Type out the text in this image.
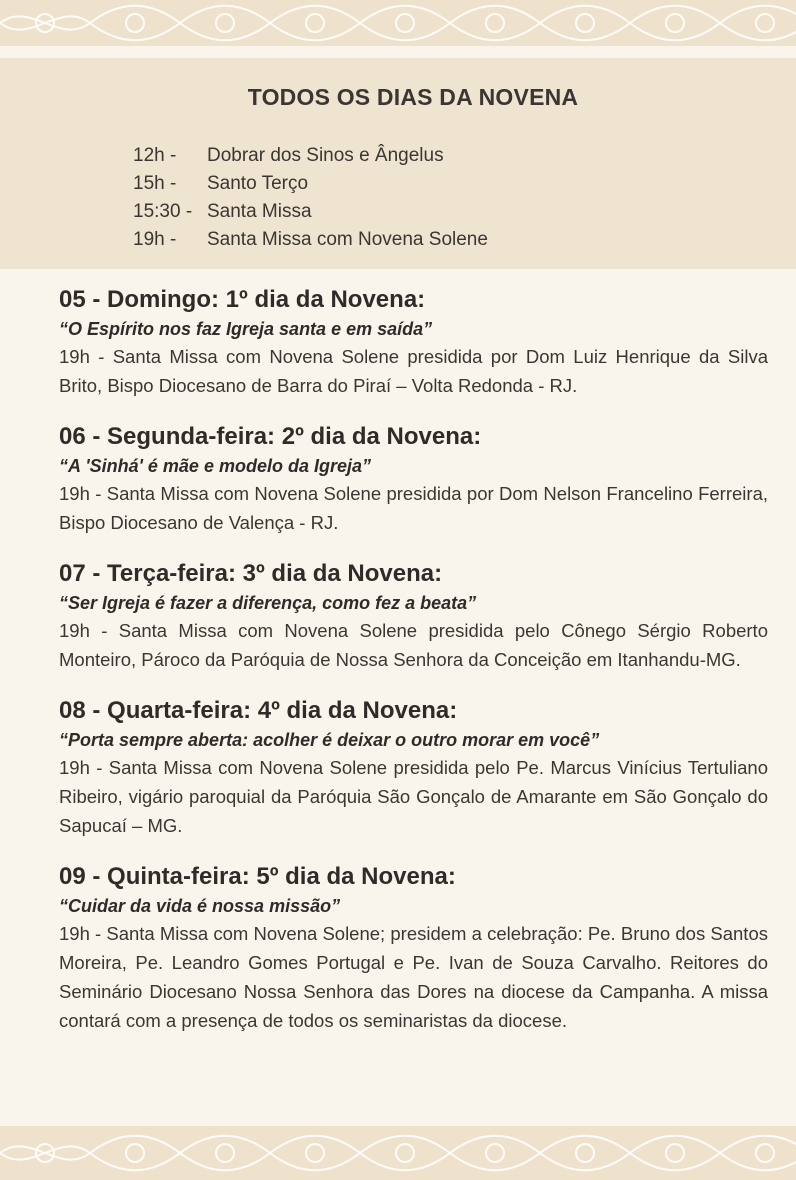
TODOS OS DIAS DA NOVENA
12h -	Dobrar dos Sinos e Ângelus
15h -	Santo Terço
15:30 - Santa Missa
19h -	Santa Missa com Novena Solene
05 - Domingo: 1º dia da Novena:
“O Espírito nos faz Igreja santa e em saída”
19h - Santa Missa com Novena Solene presidida por Dom Luiz Henrique da Silva Brito, Bispo Diocesano de Barra do Piraí – Volta Redonda - RJ.
06 - Segunda-feira: 2º dia da Novena:
“A 'Sinhá' é mãe e modelo da Igreja”
19h - Santa Missa com Novena Solene presidida por Dom Nelson Francelino Ferreira, Bispo Diocesano de Valença - RJ.
07 - Terça-feira: 3º dia da Novena:
“Ser Igreja é fazer a diferença, como fez a beata”
19h - Santa Missa com Novena Solene presidida pelo Cônego Sérgio Roberto Monteiro, Pároco da Paróquia de Nossa Senhora da Conceição em Itanhandu-MG.
08 - Quarta-feira: 4º dia da Novena:
“Porta sempre aberta: acolher é deixar o outro morar em você”
19h - Santa Missa com Novena Solene presidida pelo Pe. Marcus Vinícius Tertuliano Ribeiro, vigário paroquial da Paróquia São Gonçalo de Amarante em São Gonçalo do Sapucaí – MG.
09 - Quinta-feira: 5º dia da Novena:
“Cuidar da vida é nossa missão”
19h - Santa Missa com Novena Solene; presidem a celebração: Pe. Bruno dos Santos Moreira, Pe. Leandro Gomes Portugal e Pe. Ivan de Souza Carvalho. Reitores do Seminário Diocesano Nossa Senhora das Dores na diocese da Campanha. A missa contará com a presença de todos os seminaristas da diocese.
